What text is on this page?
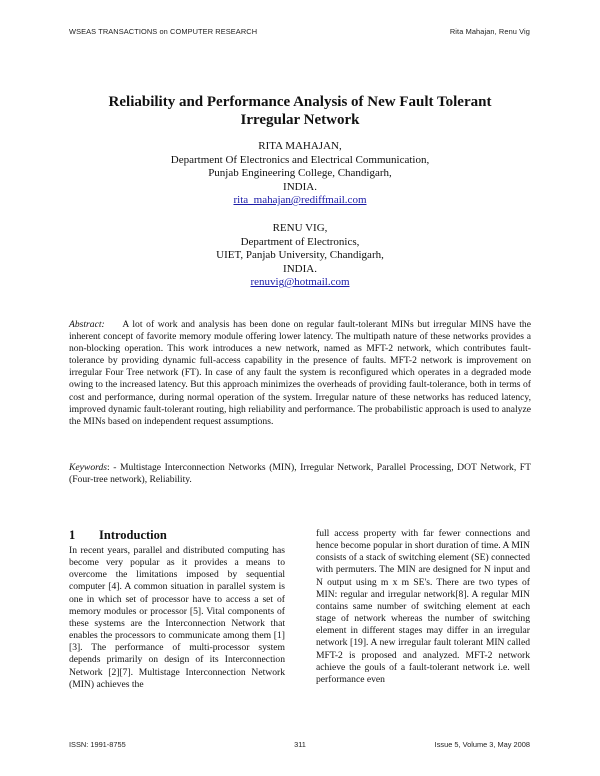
WSEAS TRANSACTIONS on COMPUTER RESEARCH	Rita Mahajan, Renu Vig
Reliability and Performance Analysis of New Fault Tolerant
Irregular Network
RITA MAHAJAN,
Department Of Electronics and Electrical Communication,
Punjab Engineering College, Chandigarh,
INDIA.
rita_mahajan@rediffmail.com
RENU VIG,
Department of Electronics,
UIET, Panjab University, Chandigarh,
INDIA.
renuvig@hotmail.com
Abstract: A lot of work and analysis has been done on regular fault-tolerant MINs but irregular MINS have the inherent concept of favorite memory module offering lower latency. The multipath nature of these networks provides a non-blocking operation. This work introduces a new network, named as MFT-2 network, which contributes fault-tolerance by providing dynamic full-access capability in the presence of faults. MFT-2 network is improvement on irregular Four Tree network (FT). In case of any fault the system is reconfigured which operates in a degraded mode owing to the increased latency. But this approach minimizes the overheads of providing fault-tolerance, both in terms of cost and performance, during normal operation of the system. Irregular nature of these networks has reduced latency, improved dynamic fault-tolerant routing, high reliability and performance. The probabilistic approach is used to analyze the MINs based on independent request assumptions.
Keywords: - Multistage Interconnection Networks (MIN), Irregular Network, Parallel Processing, DOT Network, FT (Four-tree network), Reliability.
1 Introduction
In recent years, parallel and distributed computing has become very popular as it provides a means to overcome the limitations imposed by sequential computer [4]. A common situation in parallel system is one in which set of processor have to access a set of memory modules or processor [5]. Vital components of these systems are the Interconnection Network that enables the processors to communicate among them [1][3]. The performance of multi-processor system depends primarily on design of its Interconnection Network [2][7]. Multistage Interconnection Network (MIN) achieves the
full access property with far fewer connections and hence become popular in short duration of time. A MIN consists of a stack of switching element (SE) connected with permuters. The MIN are designed for N input and N output using m x m SE's. There are two types of MIN: regular and irregular network[8]. A regular MIN contains same number of switching element at each stage of network whereas the number of switching element in different stages may differ in an irregular network [19]. A new irregular fault tolerant MIN called MFT-2 is proposed and analyzed. MFT-2 network achieve the gouls of a fault-tolerant network i.e. well performance even
ISSN: 1991-8755	311	Issue 5, Volume 3, May 2008
